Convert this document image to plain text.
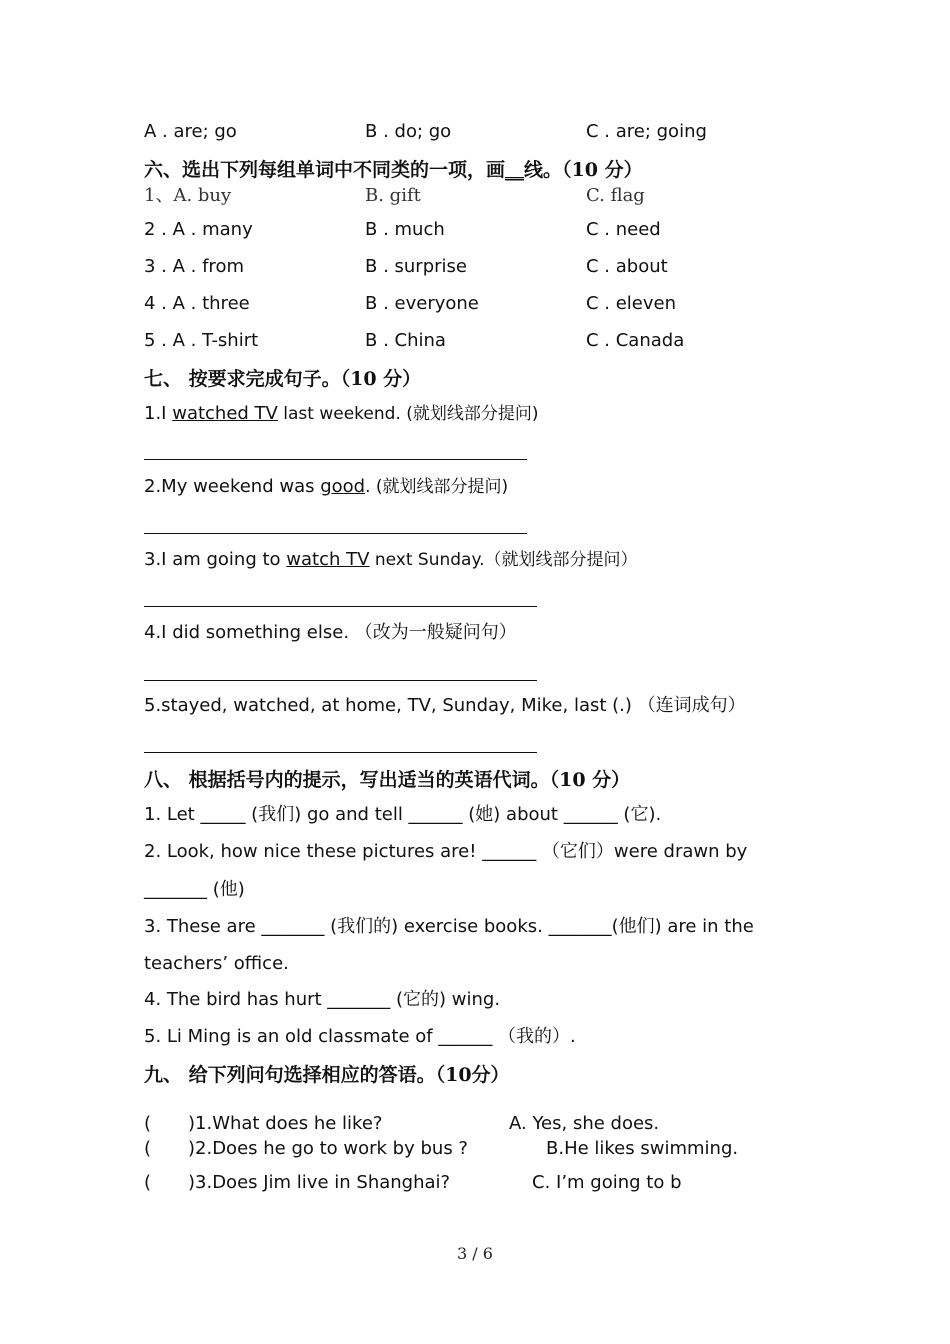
A . are; go	B . do; go	C . are; going
六、选出下列每组单词中不同类的一项，画__线。（10 分）
1、A. buy	B. gift	C. flag
2 . A . many	B . much	C . need
3 . A . from	B . surprise	C . about
4 . A . three	B . everyone	C . eleven
5 . A . T-shirt	B . China	C . Canada
七、 按要求完成句子。（10 分）
1.I watched TV last weekend. (就划线部分提问)
2.My weekend was good. (就划线部分提问)
3.I am going to watch TV next Sunday.（就划线部分提问）
4.I did something else. （改为一般疑问句）
5.stayed, watched, at home, TV, Sunday, Mike, last (.) （连词成句）
八、 根据括号内的提示，写出适当的英语代词。（10 分）
1. Let _____ (我们) go and tell ______ (她) about ______ (它).
2. Look, how nice these pictures are! ______ （它们）were drawn by
_______ (他)
3. These are _______ (我们的) exercise books. _______(他们) are in the
teachers’ office.
4. The bird has hurt _______ (它的) wing.
5. Li Ming is an old classmate of ______ （我的）.
九、 给下列问句选择相应的答语。（10分）
( )1.What does he like?	A. Yes, she does.
( )2.Does he go to work by bus ?	B.He likes swimming.
( )3.Does Jim live in Shanghai?	C. I’m going to b
3 / 6
